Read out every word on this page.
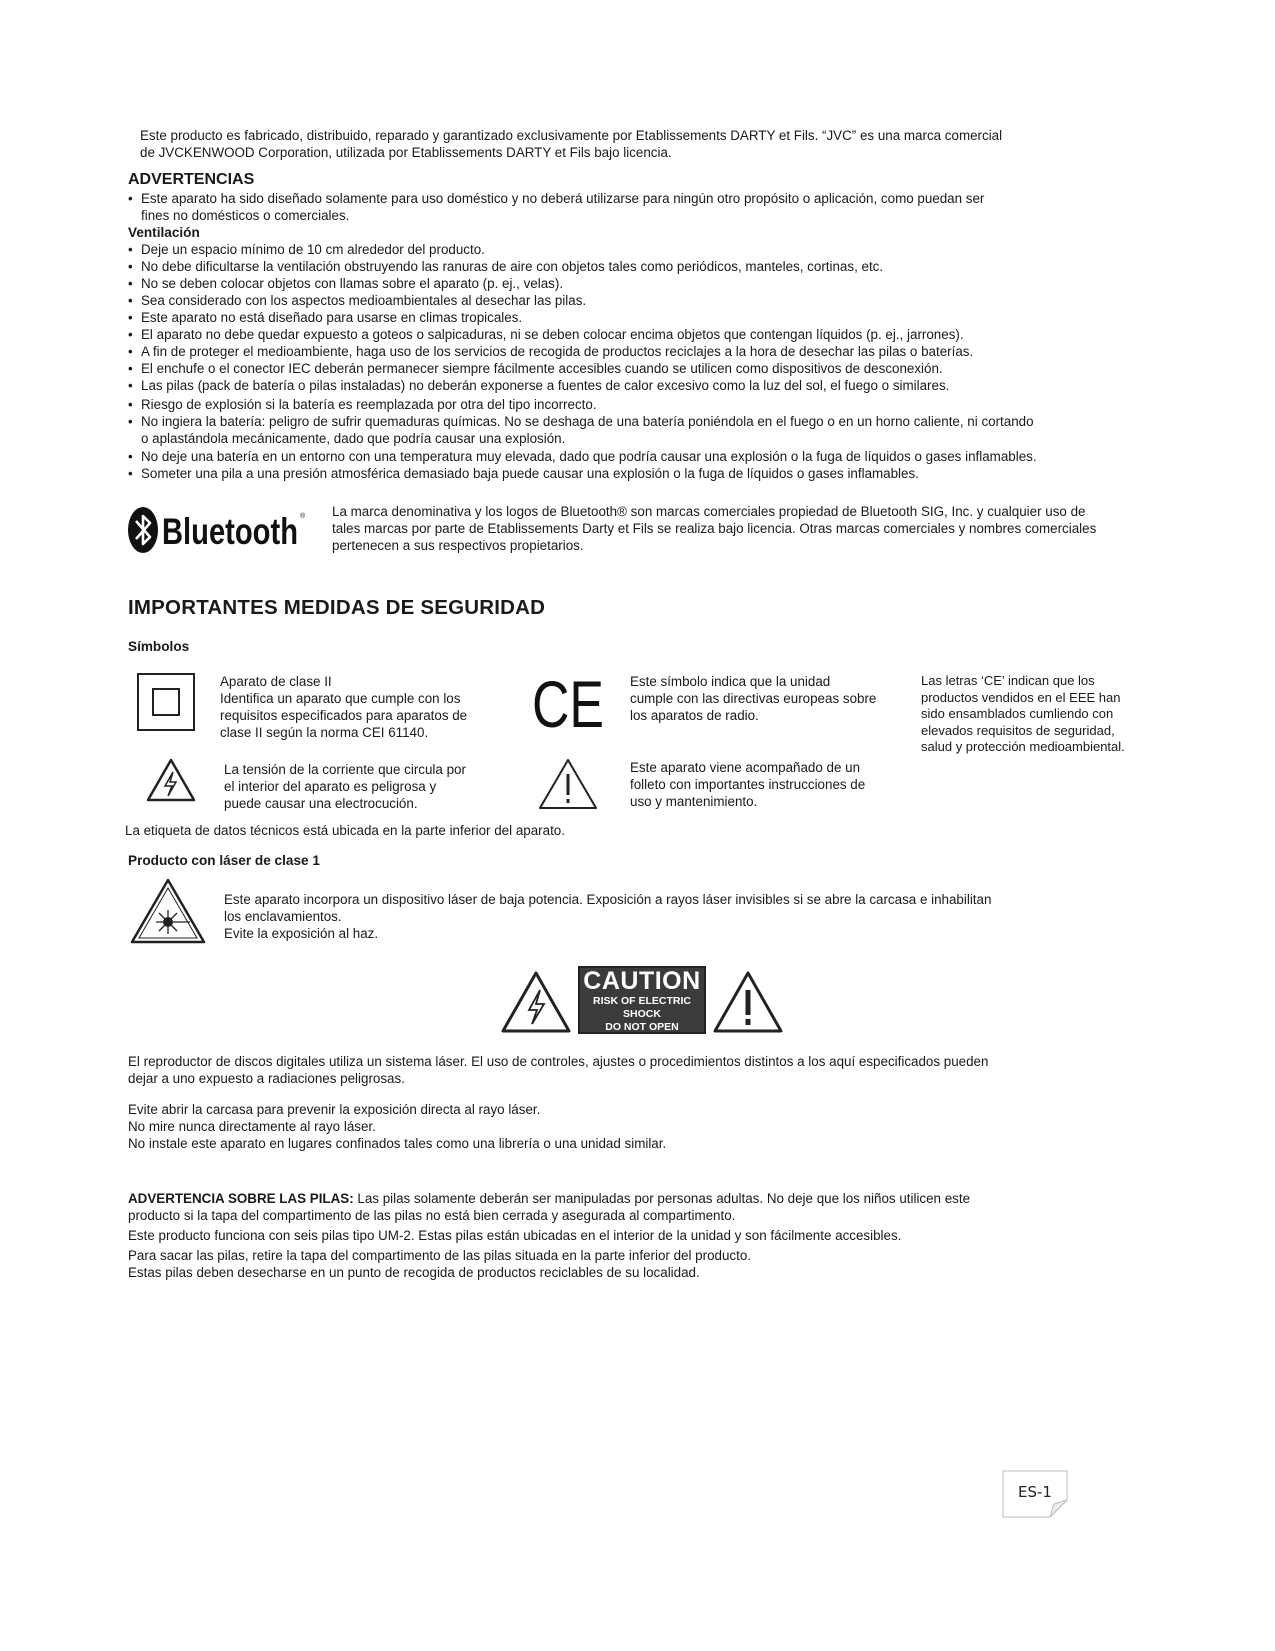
Este producto es fabricado, distribuido, reparado y garantizado exclusivamente por Etablissements DARTY et Fils. “JVC” es una marca comercial

de JVCKENWOOD Corporation, utilizada por Etablissements DARTY et Fils bajo licencia.

ADVERTENCIAS
• Este aparato ha sido diseñado solamente para uso doméstico y no deberá utilizarse para ningún otro propósito o aplicación, como puedan ser
fines no domésticos o comerciales.
Ventilación
• Deje un espacio mínimo de 10 cm alrededor del producto.
• No debe dificultarse la ventilación obstruyendo las ranuras de aire con objetos tales como periódicos, manteles, cortinas, etc.
• No se deben colocar objetos con llamas sobre el aparato (p. ej., velas).
• Sea considerado con los aspectos medioambientales al desechar las pilas.
• Este aparato no está diseñado para usarse en climas tropicales.
• El aparato no debe quedar expuesto a goteos o salpicaduras, ni se deben colocar encima objetos que contengan líquidos (p. ej., jarrones).
• A fin de proteger el medioambiente, haga uso de los servicios de recogida de productos reciclajes a la hora de desechar las pilas o baterías.
• El enchufe o el conector IEC deberán permanecer siempre fácilmente accesibles cuando se utilicen como dispositivos de desconexión.
• Las pilas (pack de batería o pilas instaladas) no deberán exponerse a fuentes de calor excesivo como la luz del sol, el fuego o similares.
• Riesgo de explosión si la batería es reemplazada por otra del tipo incorrecto.
• No ingiera la batería: peligro de sufrir quemaduras químicas. No se deshaga de una batería poniéndola en el fuego o en un horno caliente, ni cortando
o aplastándola mecánicamente, dado que podría causar una explosión.
• No deje una batería en un entorno con una temperatura muy elevada, dado que podría causar una explosión o la fuga de líquidos o gases inflamables.
• Someter una pila a una presión atmosférica demasiado baja puede causar una explosión o la fuga de líquidos o gases inflamables.
Bluetooth ® La marca denominativa y los logos de Bluetooth® son marcas comerciales propiedad de Bluetooth SIG, Inc. y cualquier uso de

tales marcas por parte de Etablissements Darty et Fils se realiza bajo licencia. Otras marcas comerciales y nombres comerciales

pertenecen a sus respectivos propietarios.

IMPORTANTES MEDIDAS DE SEGURIDAD
Símbolos

Aparato de clase II

Identifica un aparato que cumple con los

requisitos especificados para aparatos de

clase II según la norma CEI 61140.	CE Este símbolo indica que la unidad

cumple con las directivas europeas sobre

los aparatos de radio.

Las letras ‘CE’ indican que los

productos vendidos en el EEE han

sido ensamblados cumliendo con

elevados requisitos de seguridad,

salud y protección medioambiental.

La tensión de la corriente que circula por

el interior del aparato es peligrosa y

puede causar una electrocución.

Este aparato viene acompañado de un

folleto con importantes instrucciones de

uso y mantenimiento.

La etiqueta de datos técnicos está ubicada en la parte inferior del aparato.
Producto con láser de clase 1

Este aparato incorpora un dispositivo láser de baja potencia. Exposición a rayos láser invisibles si se abre la carcasa e inhabilitan

los enclavamientos.

Evite la exposición al haz.

CAUTION
RISK OF ELECTRIC SHOCK
DO NOT OPEN

El reproductor de discos digitales utiliza un sistema láser. El uso de controles, ajustes o procedimientos distintos a los aquí especificados pueden

dejar a uno expuesto a radiaciones peligrosas.

Evite abrir la carcasa para prevenir la exposición directa al rayo láser.

No mire nunca directamente al rayo láser.

No instale este aparato en lugares confinados tales como una librería o una unidad similar.

ADVERTENCIA SOBRE LAS PILAS: Las pilas solamente deberán ser manipuladas por personas adultas. No deje que los niños utilicen este

producto si la tapa del compartimento de las pilas no está bien cerrada y asegurada al compartimento.

Este producto funciona con seis pilas tipo UM-2. Estas pilas están ubicadas en el interior de la unidad y son fácilmente accesibles.

Para sacar las pilas, retire la tapa del compartimento de las pilas situada en la parte inferior del producto.

Estas pilas deben desecharse en un punto de recogida de productos reciclables de su localidad.

ES-1
